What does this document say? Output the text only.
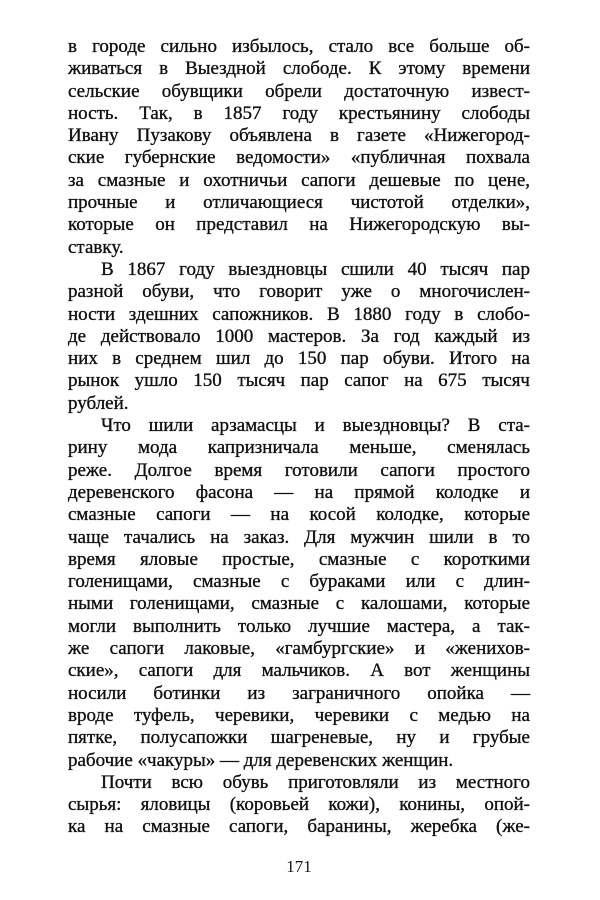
в городе сильно избылось, стало все больше об-
живаться в Выездной слободе. К этому времени
сельские обувщики обрели достаточную извест-
ность. Так, в 1857 году крестьянину слободы
Ивану Пузакову объявлена в газете «Нижегород-
ские губернские ведомости» «публичная похвала
за смазные и охотничьи сапоги дешевые по цене,
прочные и отличающиеся чистотой отделки»,
которые он представил на Нижегородскую вы-
ставку.
В 1867 году выездновцы сшили 40 тысяч пар
разной обуви, что говорит уже о многочислен-
ности здешних сапожников. В 1880 году в слобо-
де действовало 1000 мастеров. За год каждый из
них в среднем шил до 150 пар обуви. Итого на
рынок ушло 150 тысяч пар сапог на 675 тысяч
рублей.
Что шили арзамасцы и выездновцы? В ста-
рину мода капризничала меньше, сменялась
реже. Долгое время готовили сапоги простого
деревенского фасона — на прямой колодке и
смазные сапоги — на косой колодке, которые
чаще тачались на заказ. Для мужчин шили в то
время яловые простые, смазные с короткими
голенищами, смазные с бураками или с длин-
ными голенищами, смазные с калошами, которые
могли выполнить только лучшие мастера, а так-
же сапоги лаковые, «гамбургские» и «женихов-
ские», сапоги для мальчиков. А вот женщины
носили ботинки из заграничного опойка —
вроде туфель, черевики, черевики с медью на
пятке, полусапожки шагреневые, ну и грубые
рабочие «чакуры» — для деревенских женщин.
Почти всю обувь приготовляли из местного
сырья: яловицы (коровьей кожи), конины, опой-
ка на смазные сапоги, баранины, жеребка (же-
171
